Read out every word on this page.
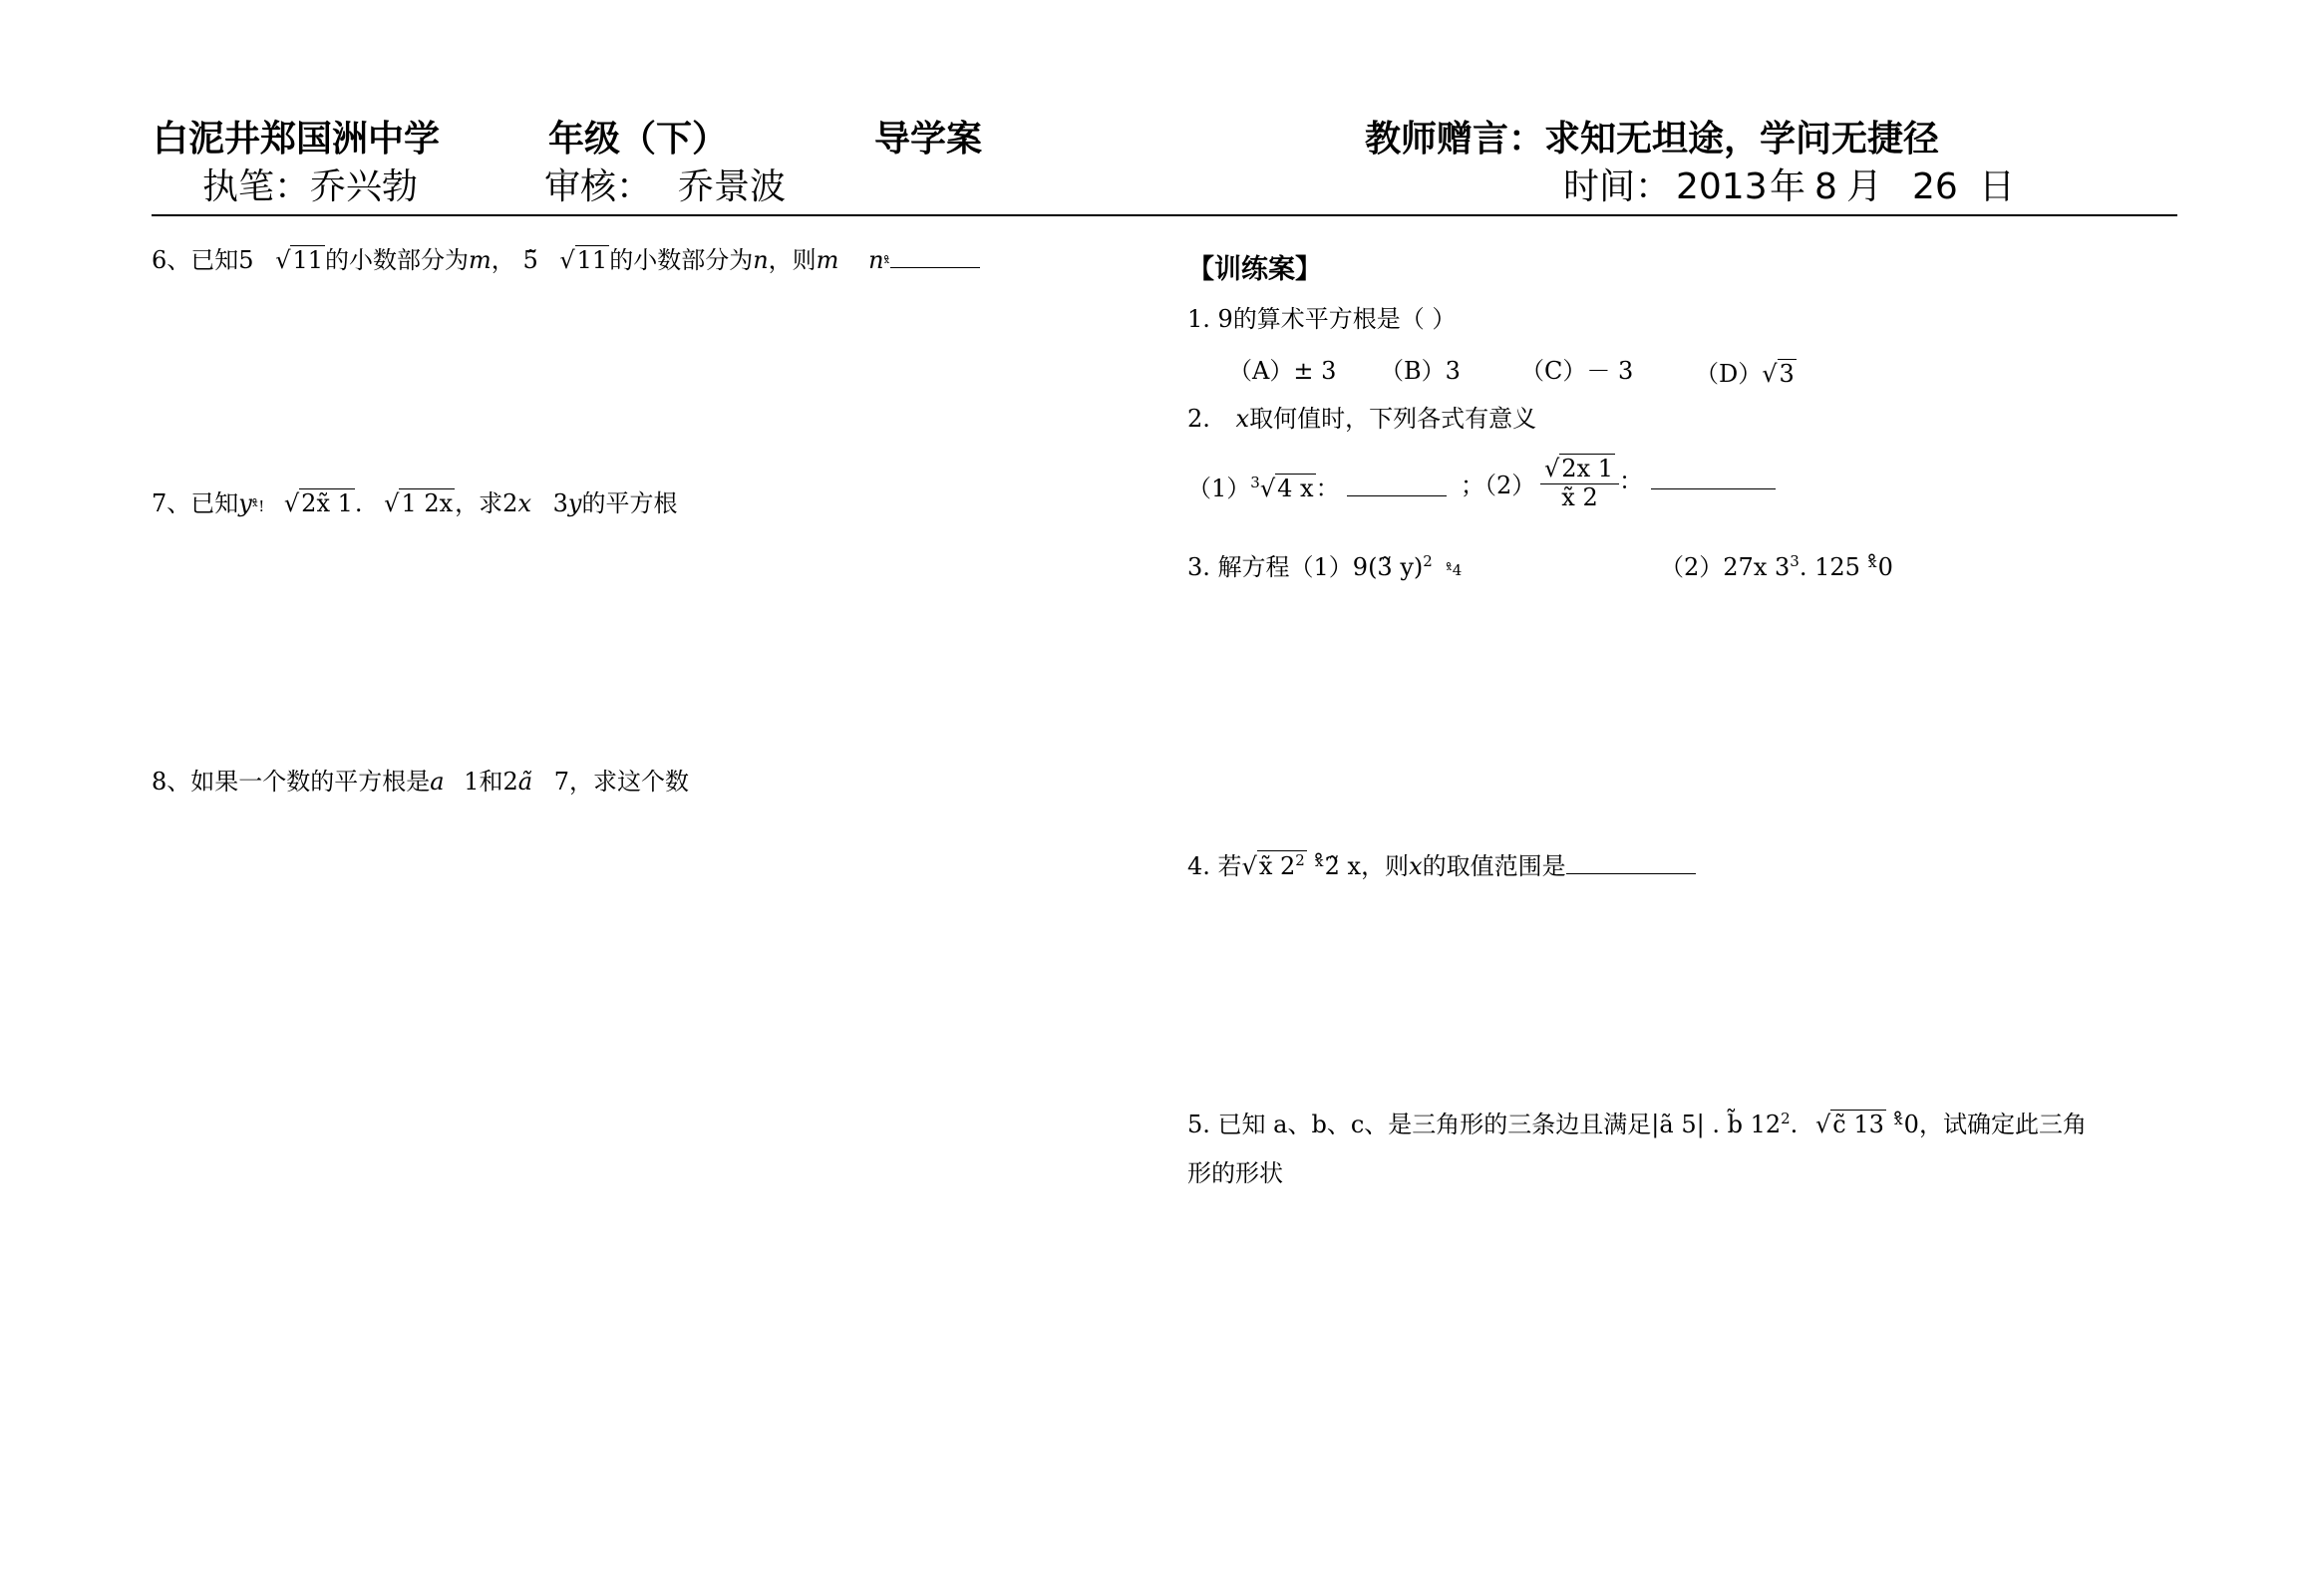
白泥井郑国洲中学	年级（下）	导学案	教师赠言：求知无坦途，学问无捷径
执笔：乔兴勃	审核： 乔景波	时间： 2013 年 8 月 26 日
6、已知5 √11的小数部分为m， 5̃ √11的小数部分为n，则m nˣ̊
7、已知yˣ̊! √2x̃ 1. √1 2x，求2x 3y的平方根
8、如果一个数的平方根是a 1和2ã 7，求这个数
【训练案】
1. 9的算术平方根是（ ）
（A）± 3 （B）3	（C）－ 3	（D）√3
2. x取何值时，下列各式有意义
$(1)^3√4$ x：	；$(2) \frac{√2x 1}{x̃ 2}$ ：
3. 解方程（1）9(3̃ y)$^2$ ˣ̊4	（2）27x $3^3$. 125 ˣ̊0
4. 若√x̃ $2^2$ ˣ̊2̃ x，则x的取值范围是
5. 已知 a、b、c、是三角形的三条边且满足|ã 5| . b̃ $12^2$. √c̃ 13 ˣ̊0，试确定此三角
形的形状
